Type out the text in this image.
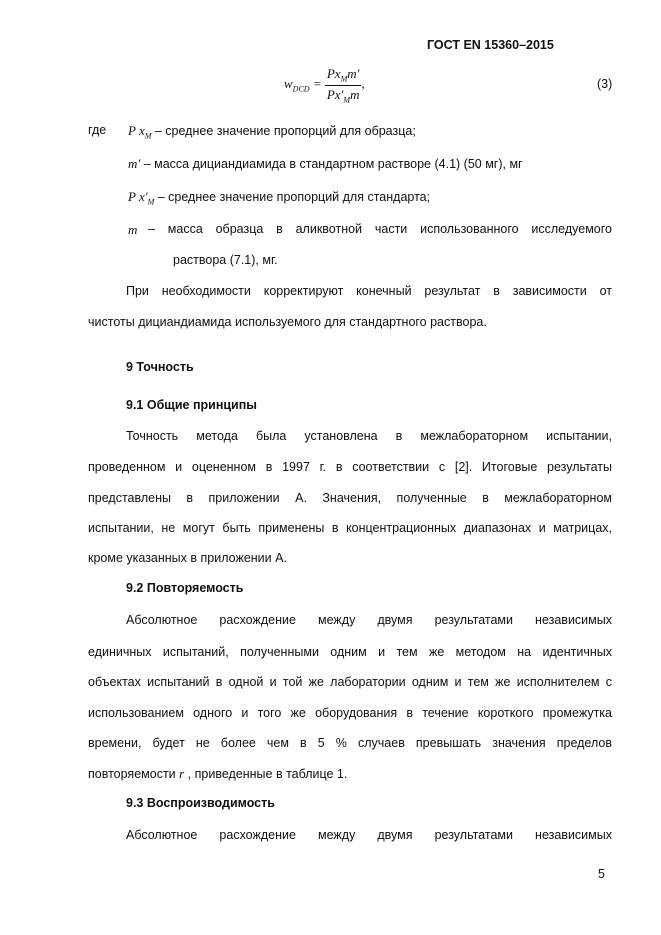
ГОСТ EN 15360–2015
$w_{DCD} = \frac{Px_Mm'}{Px'_Mm}$ ,	(3)
где P $x_M$ – среднее значение пропорций для образца;
m′ – масса дициандиамида в стандартном растворе (4.1) (50 мг), мг
P $x'_M$ – среднее значение пропорций для стандарта;
m – масса образца в аликвотной части использованного исследуемого
раствора (7.1), мг.
При необходимости корректируют конечный результат в зависимости от
чистоты дициандиамида используемого для стандартного раствора.
9 Точность
9.1 Общие принципы
Точность метода была установлена в межлабораторном испытании,
проведенном и оцененном в 1997 г. в соответствии с [2]. Итоговые результаты
представлены в приложении А. Значения, полученные в межлабораторном
испытании, не могут быть применены в концентрационных диапазонах и матрицах,
кроме указанных в приложении А.
9.2 Повторяемость
Абсолютное расхождение между двумя результатами независимых
единичных испытаний, полученными одним и тем же методом на идентичных
объектах испытаний в одной и той же лаборатории одним и тем же исполнителем с
использованием одного и того же оборудования в течение короткого промежутка
времени, будет не более чем в 5 % случаев превышать значения пределов
повторяемости r , приведенные в таблице 1.
9.3 Воспроизводимость
Абсолютное расхождение между двумя результатами независимых
5
